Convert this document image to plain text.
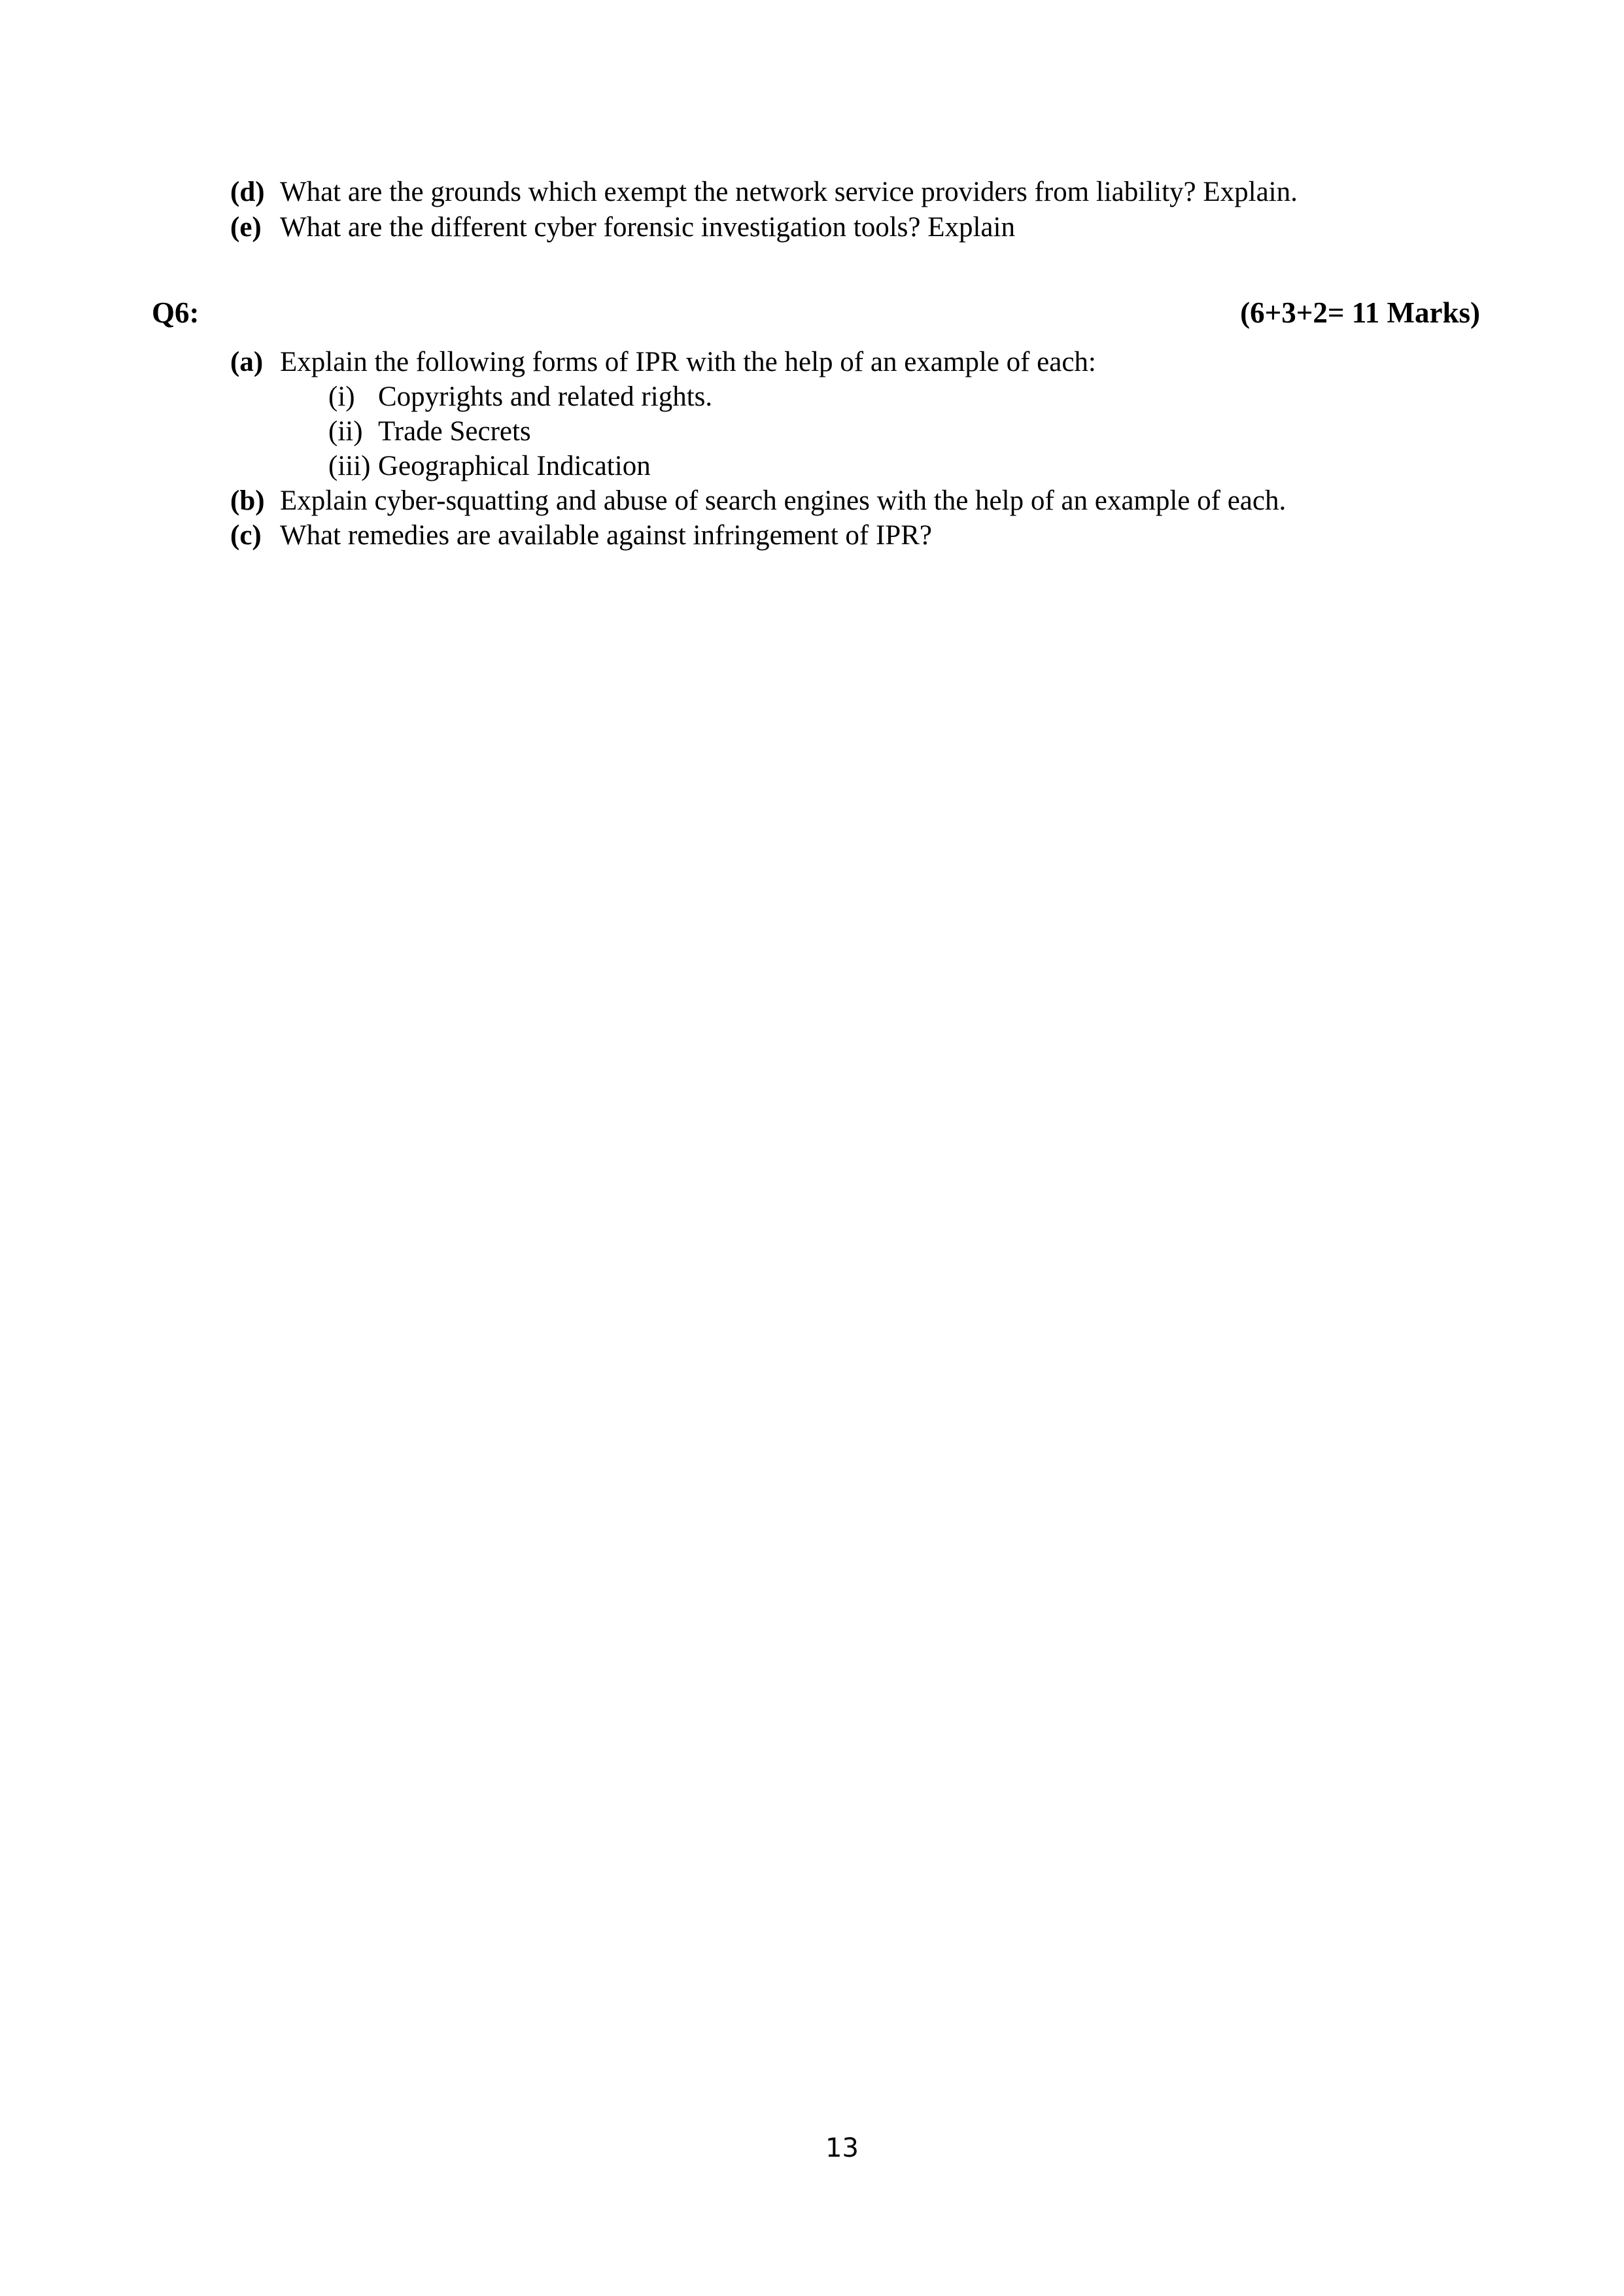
(d) What are the grounds which exempt the network service providers from liability? Explain.
(e) What are the different cyber forensic investigation tools? Explain
Q6:	(6+3+2= 11 Marks)
(a) Explain the following forms of IPR with the help of an example of each:
(i) Copyrights and related rights.
(ii) Trade Secrets
(iii) Geographical Indication
(b) Explain cyber-squatting and abuse of search engines with the help of an example of each.
(c) What remedies are available against infringement of IPR?
13
